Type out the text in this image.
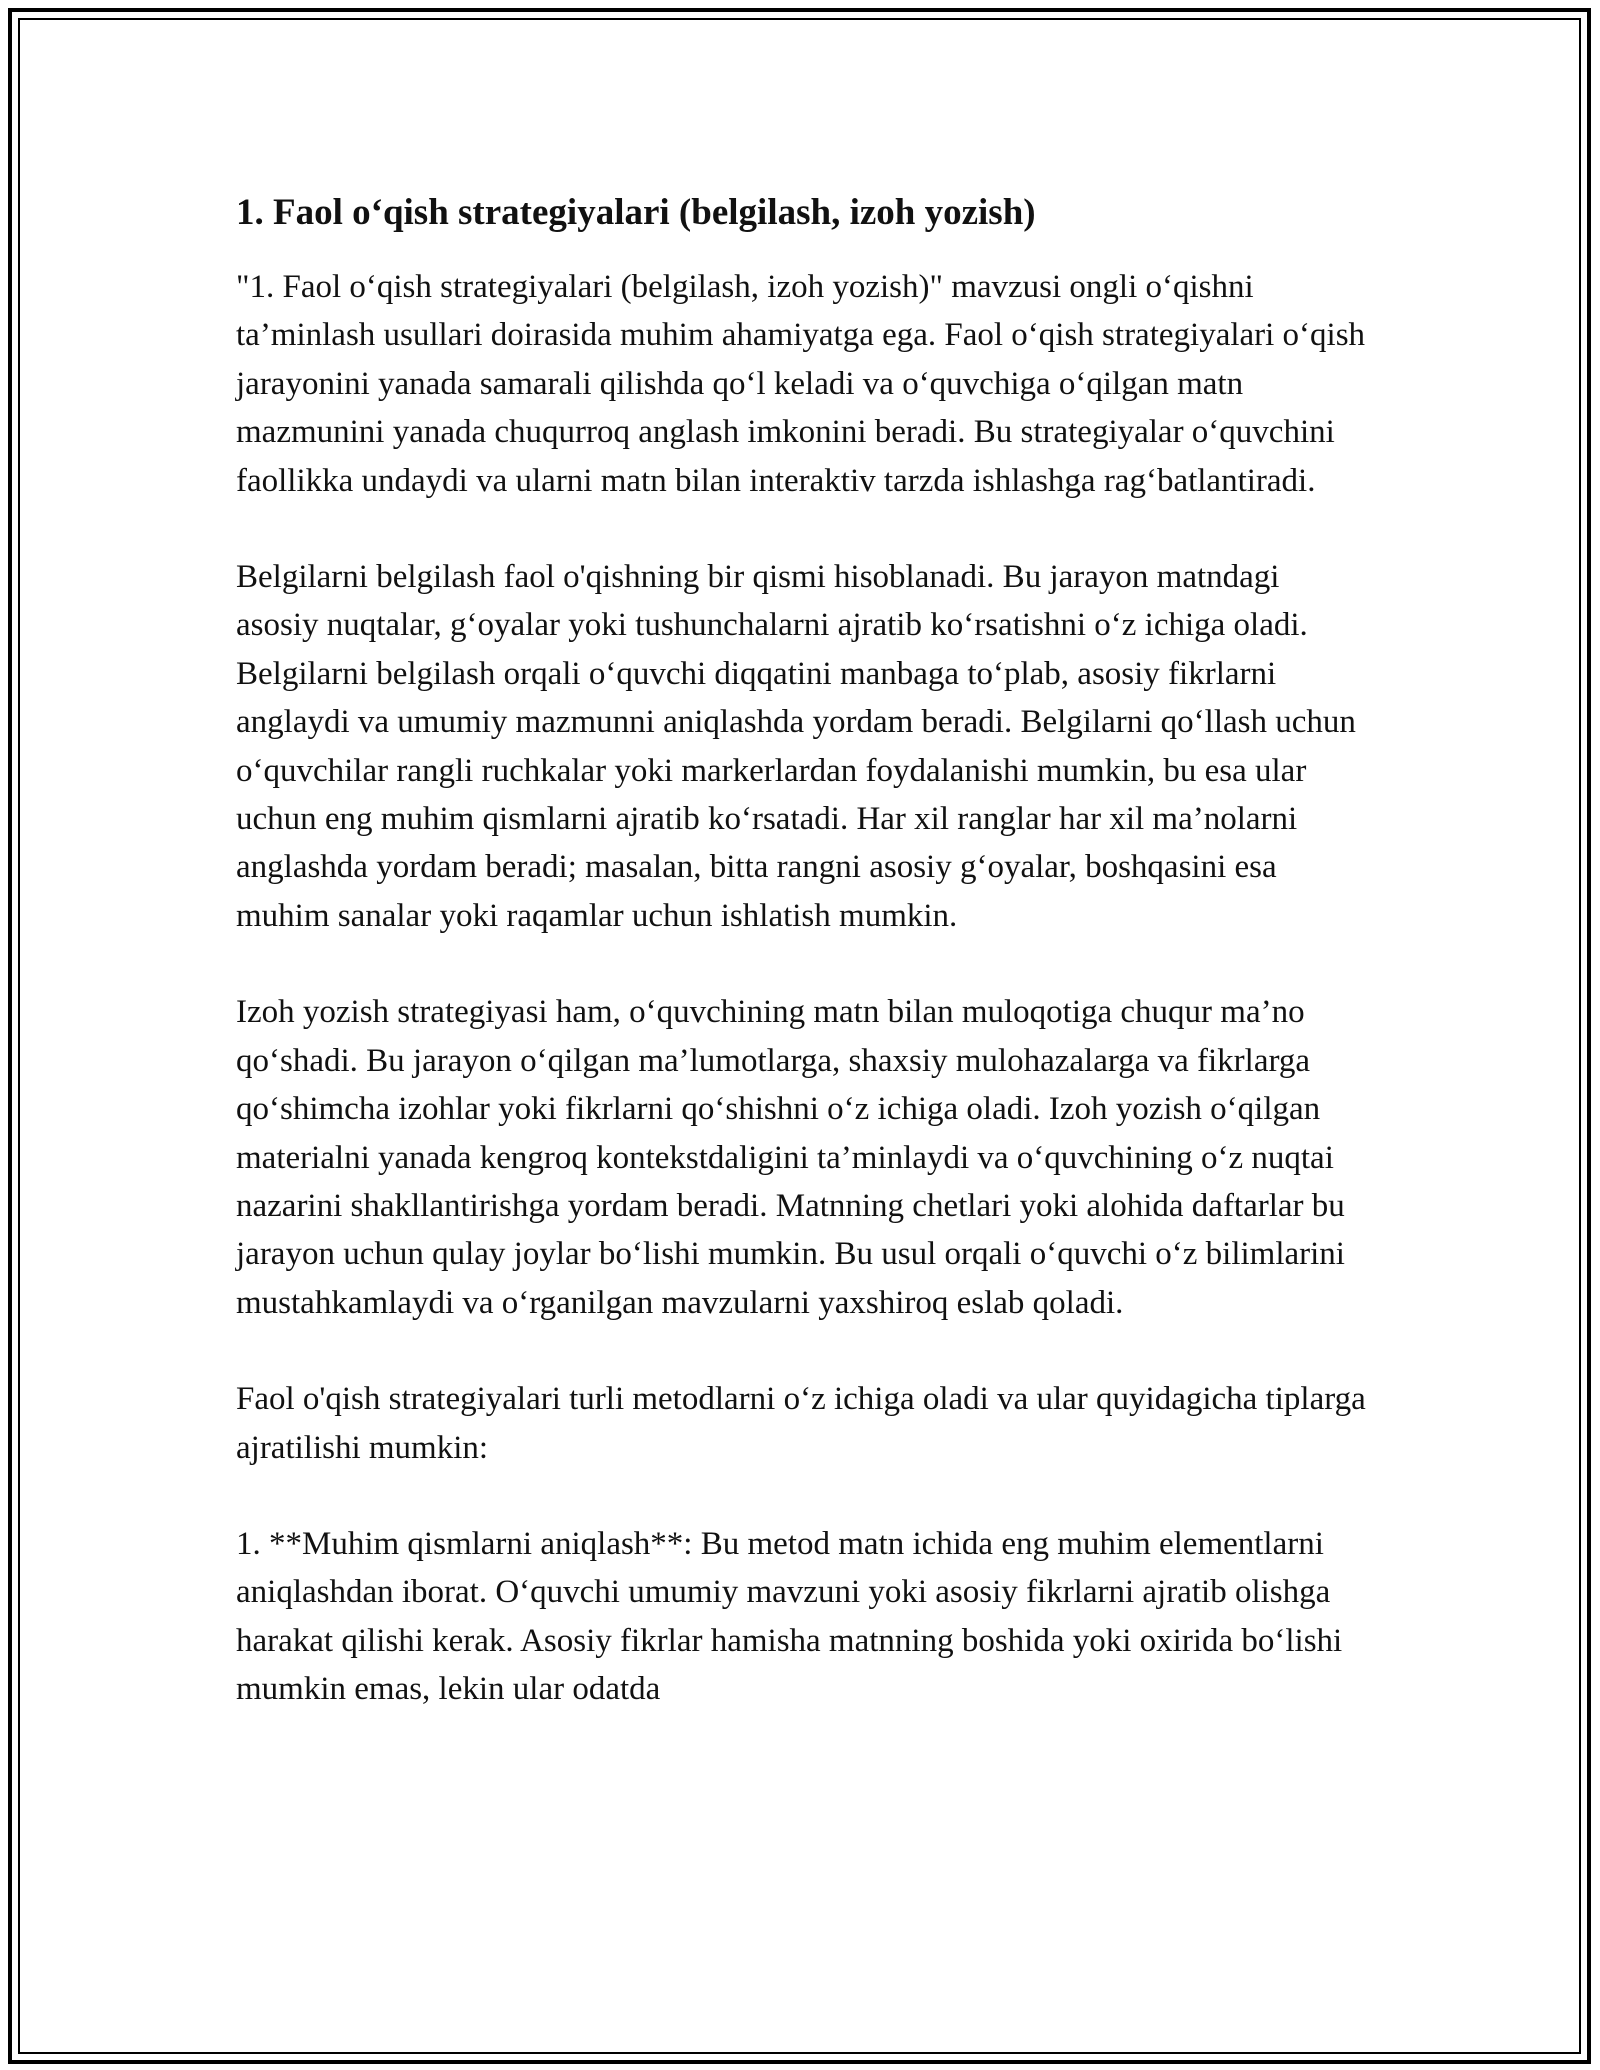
1. Faol o‘qish strategiyalari (belgilash, izoh yozish)

"1. Faol o‘qish strategiyalari (belgilash, izoh yozish)" mavzusi ongli o‘qishni ta’minlash usullari doirasida muhim ahamiyatga ega. Faol o‘qish strategiyalari o‘qish jarayonini yanada samarali qilishda qo‘l keladi va o‘quvchiga o‘qilgan matn mazmunini yanada chuqurroq anglash imkonini beradi. Bu strategiyalar o‘quvchini faollikka undaydi va ularni matn bilan interaktiv tarzda ishlashga rag‘batlantiradi.

Belgilarni belgilash faol o'qishning bir qismi hisoblanadi. Bu jarayon matndagi asosiy nuqtalar, g‘oyalar yoki tushunchalarni ajratib ko‘rsatishni o‘z ichiga oladi. Belgilarni belgilash orqali o‘quvchi diqqatini manbaga to‘plab, asosiy fikrlarni anglaydi va umumiy mazmunni aniqlashda yordam beradi. Belgilarni qo‘llash uchun o‘quvchilar rangli ruchkalar yoki markerlardan foydalanishi mumkin, bu esa ular uchun eng muhim qismlarni ajratib ko‘rsatadi. Har xil ranglar har xil ma’nolarni anglashda yordam beradi; masalan, bitta rangni asosiy g‘oyalar, boshqasini esa muhim sanalar yoki raqamlar uchun ishlatish mumkin.

Izoh yozish strategiyasi ham, o‘quvchining matn bilan muloqotiga chuqur ma’no qo‘shadi. Bu jarayon o‘qilgan ma’lumotlarga, shaxsiy mulohazalarga va fikrlarga qo‘shimcha izohlar yoki fikrlarni qo‘shishni o‘z ichiga oladi. Izoh yozish o‘qilgan materialni yanada kengroq kontekstdaligini ta’minlaydi va o‘quvchining o‘z nuqtai nazarini shakllantirishga yordam beradi. Matnning chetlari yoki alohida daftarlar bu jarayon uchun qulay joylar bo‘lishi mumkin. Bu usul orqali o‘quvchi o‘z bilimlarini mustahkamlaydi va o‘rganilgan mavzularni yaxshiroq eslab qoladi.

Faol o'qish strategiyalari turli metodlarni o‘z ichiga oladi va ular quyidagicha tiplarga ajratilishi mumkin:

1. **Muhim qismlarni aniqlash**: Bu metod matn ichida eng muhim elementlarni aniqlashdan iborat. O‘quvchi umumiy mavzuni yoki asosiy fikrlarni ajratib olishga harakat qilishi kerak. Asosiy fikrlar hamisha matnning boshida yoki oxirida bo‘lishi mumkin emas, lekin ular odatda
